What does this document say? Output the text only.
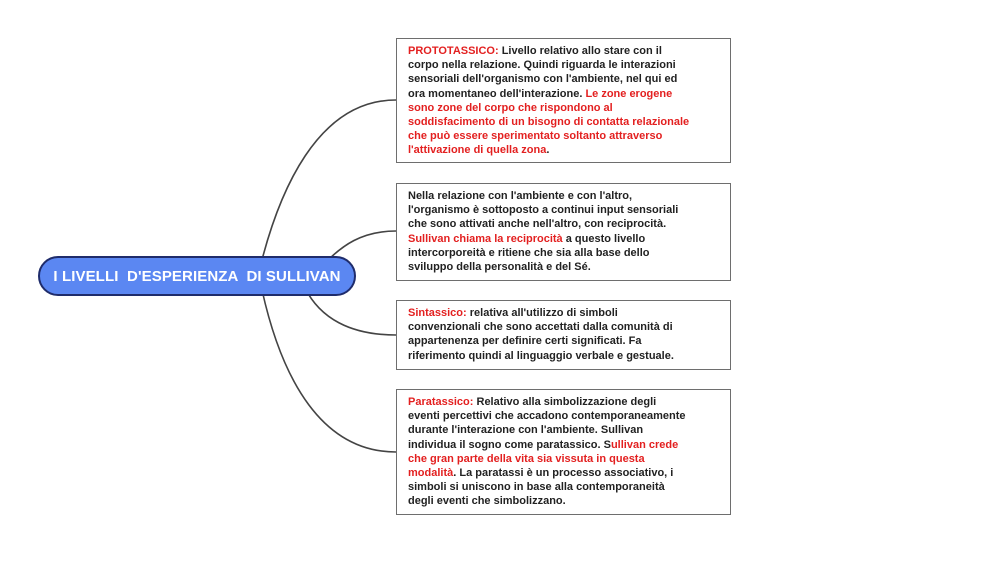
I LIVELLI  D'ESPERIENZA  DI SULLIVAN
PROTOTASSICO: Livello relativo allo stare con il
corpo nella relazione. Quindi riguarda le interazioni
sensoriali dell'organismo con l'ambiente, nel qui ed
ora momentaneo dell'interazione. Le zone erogene
sono zone del corpo che rispondono al
soddisfacimento di un bisogno di contatta relazionale
che può essere sperimentato soltanto attraverso
l'attivazione di quella zona.
Nella relazione con l'ambiente e con l'altro,
l'organismo è sottoposto a continui input sensoriali
che sono attivati anche nell'altro, con reciprocità.
Sullivan chiama la reciprocità a questo livello
intercorporeità e ritiene che sia alla base dello
sviluppo della personalità e del Sé.
Sintassico: relativa all'utilizzo di simboli
convenzionali che sono accettati dalla comunità di
appartenenza per definire certi significati. Fa
riferimento quindi al linguaggio verbale e gestuale.
Paratassico: Relativo alla simbolizzazione degli
eventi percettivi che accadono contemporaneamente
durante l'interazione con l'ambiente. Sullivan
individua il sogno come paratassico. Sullivan crede
che gran parte della vita sia vissuta in questa
modalità. La paratassi è un processo associativo, i
simboli si uniscono in base alla contemporaneità
degli eventi che simbolizzano.
